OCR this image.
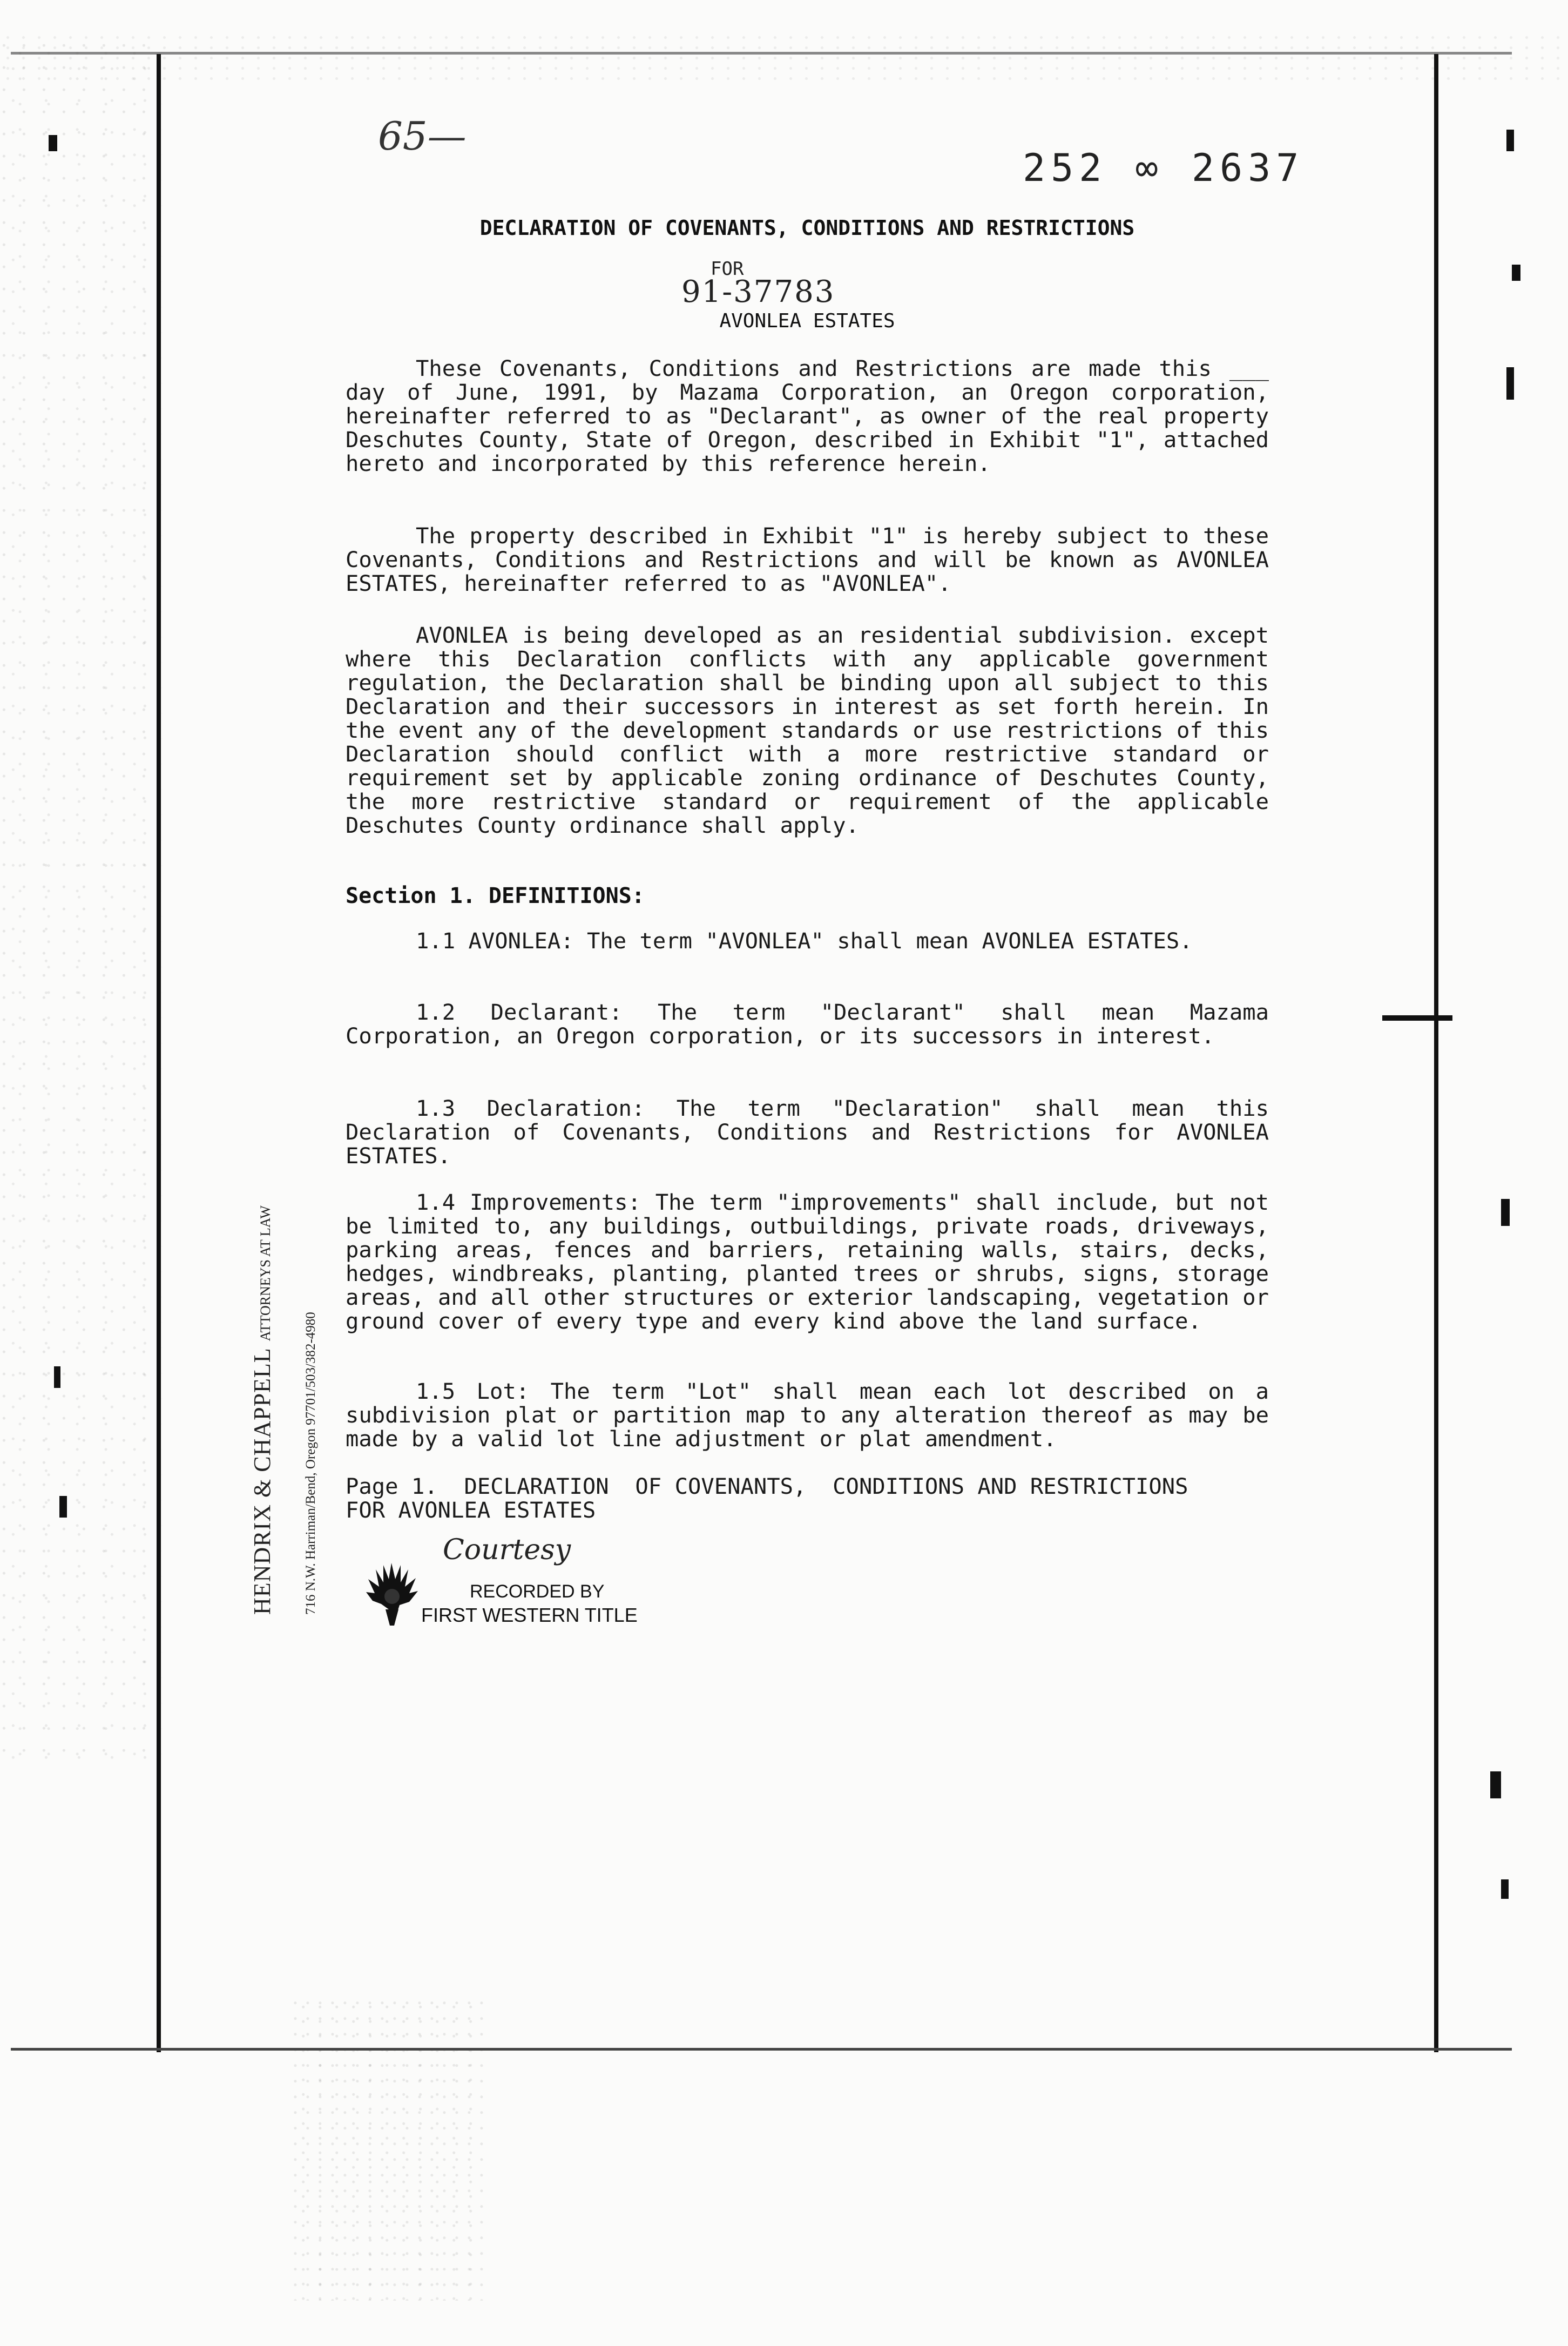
65—
252 ∞ 2637
DECLARATION OF COVENANTS, CONDITIONS AND RESTRICTIONS
FOR
91-37783
AVONLEA ESTATES

These Covenants, Conditions and Restrictions are made this ___ day of June, 1991, by Mazama Corporation, an Oregon corporation, hereinafter referred to as "Declarant", as owner of the real property Deschutes County, State of Oregon, described in Exhibit "1", attached hereto and incorporated by this reference herein.

The property described in Exhibit "1" is hereby subject to these Covenants, Conditions and Restrictions and will be known as AVONLEA ESTATES, hereinafter referred to as "AVONLEA".

AVONLEA is being developed as an residential subdivision. except where this Declaration conflicts with any applicable government regulation, the Declaration shall be binding upon all subject to this Declaration and their successors in interest as set forth herein. In the event any of the development standards or use restrictions of this Declaration should conflict with a more restrictive standard or requirement set by applicable zoning ordinance of Deschutes County, the more restrictive standard or requirement of the applicable Deschutes County ordinance shall apply.

Section 1. DEFINITIONS:

1.1 AVONLEA: The term "AVONLEA" shall mean AVONLEA ESTATES.

1.2 Declarant: The term "Declarant" shall mean Mazama Corporation, an Oregon corporation, or its successors in interest.

1.3 Declaration: The term "Declaration" shall mean this Declaration of Covenants, Conditions and Restrictions for AVONLEA ESTATES.

1.4 Improvements: The term "improvements" shall include, but not be limited to, any buildings, outbuildings, private roads, driveways, parking areas, fences and barriers, retaining walls, stairs, decks, hedges, windbreaks, planting, planted trees or shrubs, signs, storage areas, and all other structures or exterior landscaping, vegetation or ground cover of every type and every kind above the land surface.

1.5 Lot: The term "Lot" shall mean each lot described on a subdivision plat or partition map to any alteration thereof as may be made by a valid lot line adjustment or plat amendment.

Page 1.  DECLARATION  OF COVENANTS,  CONDITIONS AND RESTRICTIONS
FOR AVONLEA ESTATES
Courtesy
RECORDED BY
FIRST WESTERN TITLE
HENDRIX & CHAPPELL ATTORNEYS AT LAW
716 N.W. Harriman/Bend, Oregon 97701/503/382-4980
